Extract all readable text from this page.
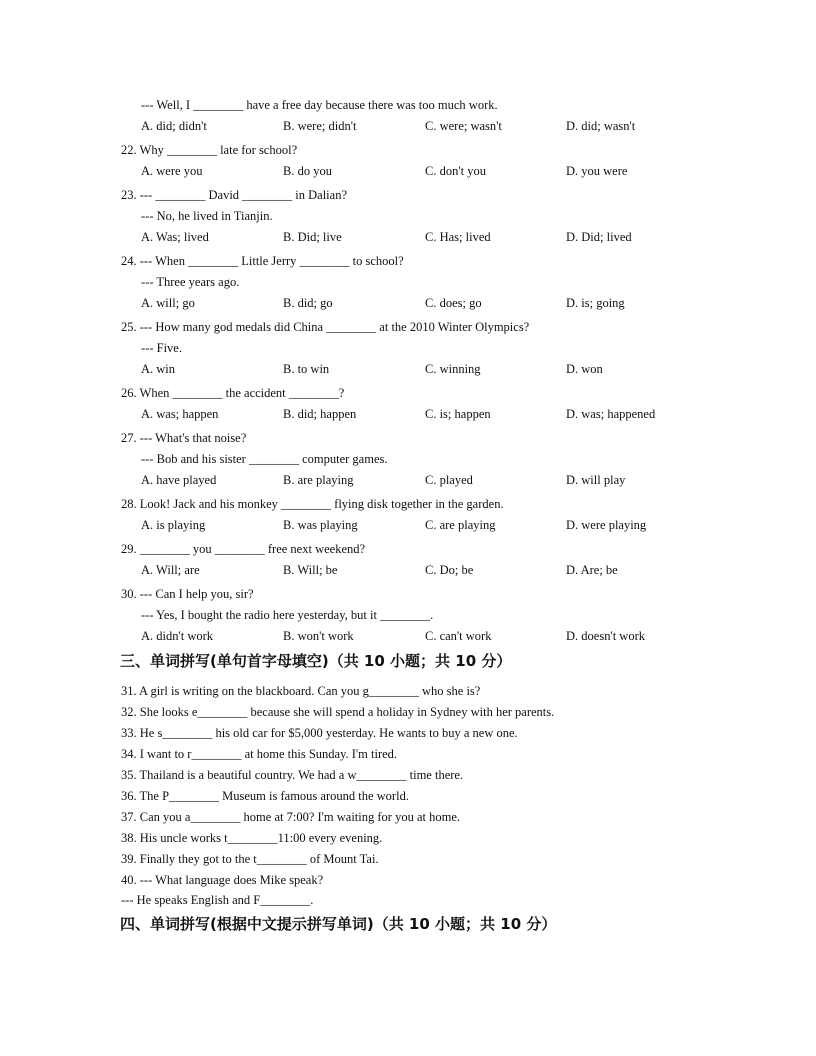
--- Well, I ________ have a free day because there was too much work.
A. did; didn't	B. were; didn't	C. were; wasn't	D. did; wasn't
22. Why ________ late for school?
A. were you	B. do you	C. don't you	D. you were
23. --- ________ David ________ in Dalian?
--- No, he lived in Tianjin.
A. Was; lived	B. Did; live	C. Has; lived	D. Did; lived
24. --- When ________ Little Jerry ________ to school?
--- Three years ago.
A. will; go	B. did; go	C. does; go	D. is; going
25. --- How many god medals did China ________ at the 2010 Winter Olympics?
--- Five.
A. win	B. to win	C. winning	D. won
26. When ________ the accident ________?
A. was; happen	B. did; happen	C. is; happen	D. was; happened
27. --- What's that noise?
--- Bob and his sister ________ computer games.
A. have played	B. are playing	C. played	D. will play
28. Look! Jack and his monkey ________ flying disk together in the garden.
A. is playing	B. was playing	C. are playing	D. were playing
29. ________ you ________ free next weekend?
A. Will; are	B. Will; be	C. Do; be	D. Are; be
30. --- Can I help you, sir?
--- Yes, I bought the radio here yesterday, but it ________.
A. didn't work	B. won't work	C. can't work	D. doesn't work
三、单词拼写(单句首字母填空)（共 10 小题；共 10 分）
31. A girl is writing on the blackboard. Can you g________ who she is?
32. She looks e________ because she will spend a holiday in Sydney with her parents.
33. He s________ his old car for $5,000 yesterday. He wants to buy a new one.
34. I want to r________ at home this Sunday. I'm tired.
35. Thailand is a beautiful country. We had a w________ time there.
36. The P________ Museum is famous around the world.
37. Can you a________ home at 7:00? I'm waiting for you at home.
38. His uncle works t________11:00 every evening.
39. Finally they got to the t________ of Mount Tai.
40. --- What language does Mike speak?
--- He speaks English and F________.
四、单词拼写(根据中文提示拼写单词)（共 10 小题；共 10 分）
